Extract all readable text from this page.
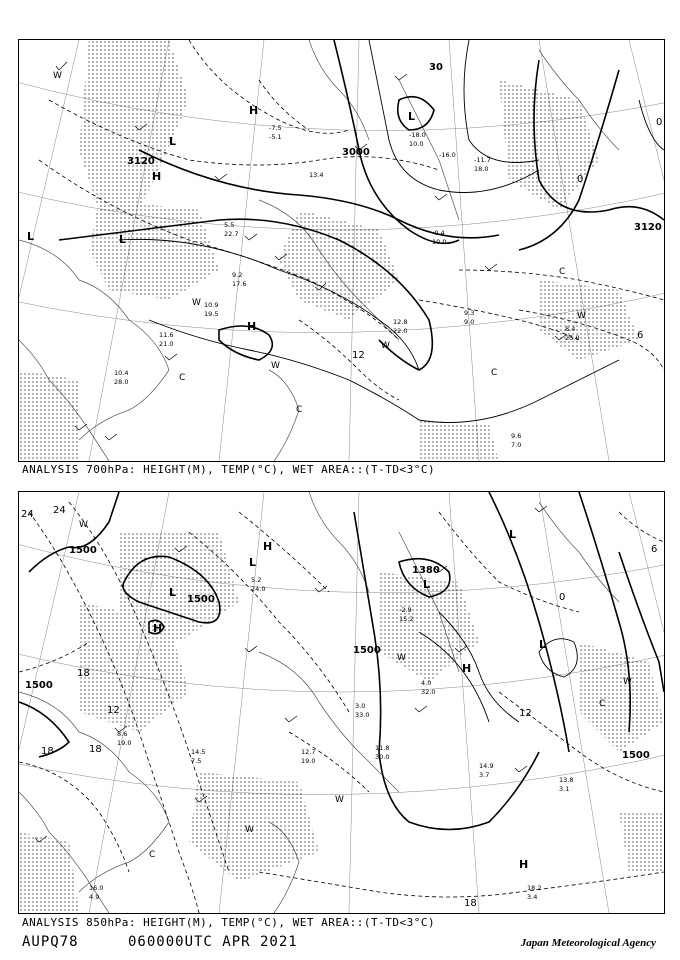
3000
3120
3120
30
12
0
6
0
H
H
H
L
L	L
L
W
W
W
W
W
C
C
C
C
-7.5
-5.1
13.4
-18.0
10.0
-16.0
-11.7
18.0
5.5
22.7
9.2
17.6
10.9
19.5
12.8
22.0	8.4
25.0
9.6
7.0
-0.4
10.0
11.6
21.0
9.3
9.0
10.4
28.0
ANALYSIS 700hPa: HEIGHT(M), TEMP(°C), WET AREA::(T-TD<3°C)
1500
1500
1500
1500
1380
1500
24 24
18
18
12
18
18
12
6
0
H
H
H
H
L
L
L
L
L
W
W
W
W
W
C
C
-2.9
15.2
4.0
32.0
14.9
3.7
13.8
3.1
18.2
3.4
16.0
4.9
12.7
19.0
3.0
33.0
11.8
30.0
5.2
24.0
8.6
19.0
14.5
7.5
ANALYSIS 850hPa: HEIGHT(M), TEMP(°C), WET AREA::(T-TD<3°C)
AUPQ78	060000UTC APR 2021	Japan Meteorological Agency
